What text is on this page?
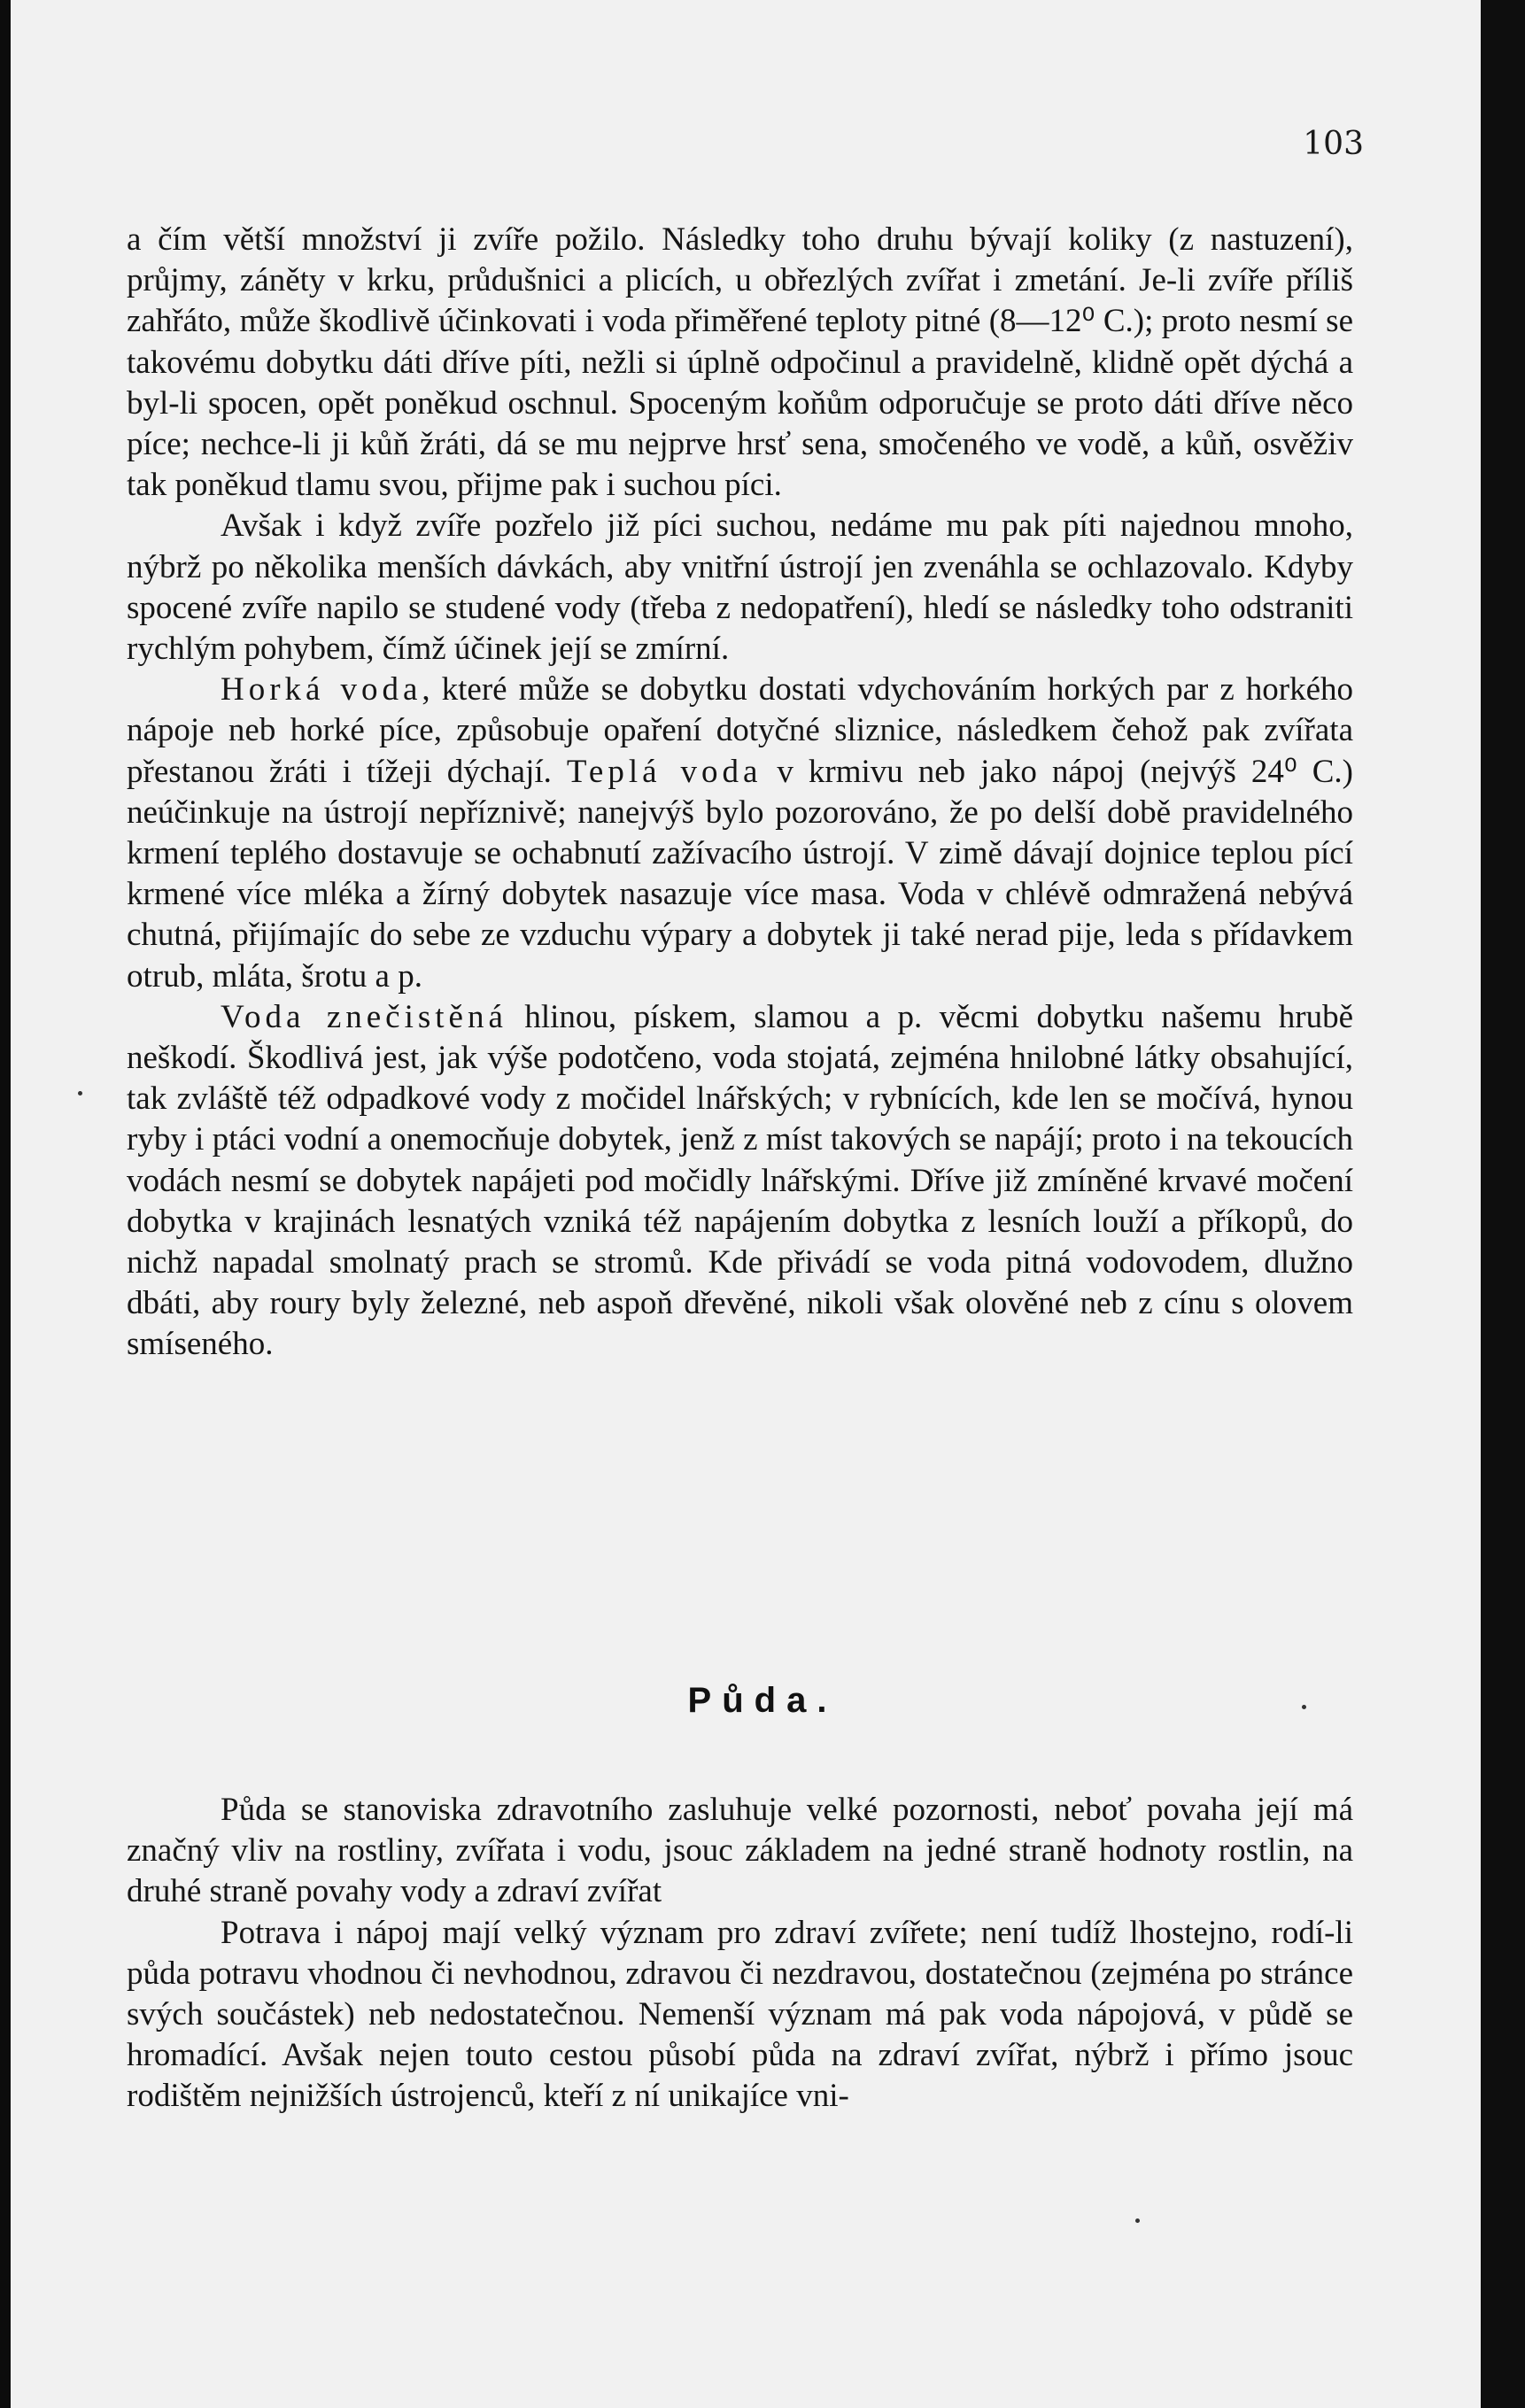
103

a čím větší množství ji zvíře požilo. Následky toho druhu bývají koliky (z nastuzení), průjmy, záněty v krku, průdušnici a plicích, u obřezlých zvířat i zmetání. Je-li zvíře příliš zahřáto, může škodlivě účinkovati i voda přiměřené teploty pitné (8—12⁰ C.); proto nesmí se takovému dobytku dáti dříve píti, nežli si úplně odpočinul a pravidelně, klidně opět dýchá a byl-li spocen, opět poněkud oschnul. Spoceným koňům odporučuje se proto dáti dříve něco píce; nechce-li ji kůň žráti, dá se mu nejprve hrsť sena, smočeného ve vodě, a kůň, osvěživ tak poněkud tlamu svou, přijme pak i suchou píci.

Avšak i když zvíře pozřelo již píci suchou, nedáme mu pak píti najednou mnoho, nýbrž po několika menších dávkách, aby vnitřní ústrojí jen zvenáhla se ochlazovalo. Kdyby spocené zvíře napilo se studené vody (třeba z nedopatření), hledí se následky toho odstraniti rychlým pohybem, čímž účinek její se zmírní.

Horká voda, které může se dobytku dostati vdychováním horkých par z horkého nápoje neb horké píce, způsobuje opaření dotyčné sliznice, následkem čehož pak zvířata přestanou žráti i tížeji dýchají. Teplá voda v krmivu neb jako nápoj (nejvýš 24⁰ C.) neúčinkuje na ústrojí nepříznivě; nanejvýš bylo pozorováno, že po delší době pravidelného krmení teplého dostavuje se ochabnutí zažívacího ústrojí. V zimě dávají dojnice teplou pící krmené více mléka a žírný dobytek nasazuje více masa. Voda v chlévě odmražená nebývá chutná, přijímajíc do sebe ze vzduchu výpary a dobytek ji také nerad pije, leda s přídavkem otrub, mláta, šrotu a p.

Voda znečistěná hlinou, pískem, slamou a p. věcmi dobytku našemu hrubě neškodí. Škodlivá jest, jak výše podotčeno, voda stojatá, zejména hnilobné látky obsahující, tak zvláště též odpadkové vody z močidel lnářských; v rybnících, kde len se močívá, hynou ryby i ptáci vodní a onemocňuje dobytek, jenž z míst takových se napájí; proto i na tekoucích vodách nesmí se dobytek napájeti pod močidly lnářskými. Dříve již zmíněné krvavé močení dobytka v krajinách lesnatých vzniká též napájením dobytka z lesních louží a příkopů, do nichž napadal smolnatý prach se stromů. Kde přivádí se voda pitná vodovodem, dlužno dbáti, aby roury byly železné, neb aspoň dřevěné, nikoli však olověné neb z cínu s olovem smíseného.

Půda.

Půda se stanoviska zdravotního zasluhuje velké pozornosti, neboť povaha její má značný vliv na rostliny, zvířata i vodu, jsouc základem na jedné straně hodnoty rostlin, na druhé straně povahy vody a zdraví zvířat

Potrava i nápoj mají velký význam pro zdraví zvířete; není tudíž lhostejno, rodí-li půda potravu vhodnou či nevhodnou, zdravou či nezdravou, dostatečnou (zejména po stránce svých součástek) neb nedostatečnou. Nemenší význam má pak voda nápojová, v půdě se hromadící. Avšak nejen touto cestou působí půda na zdraví zvířat, nýbrž i přímo jsouc rodištěm nejnižších ústrojenců, kteří z ní unikajíce vni-
